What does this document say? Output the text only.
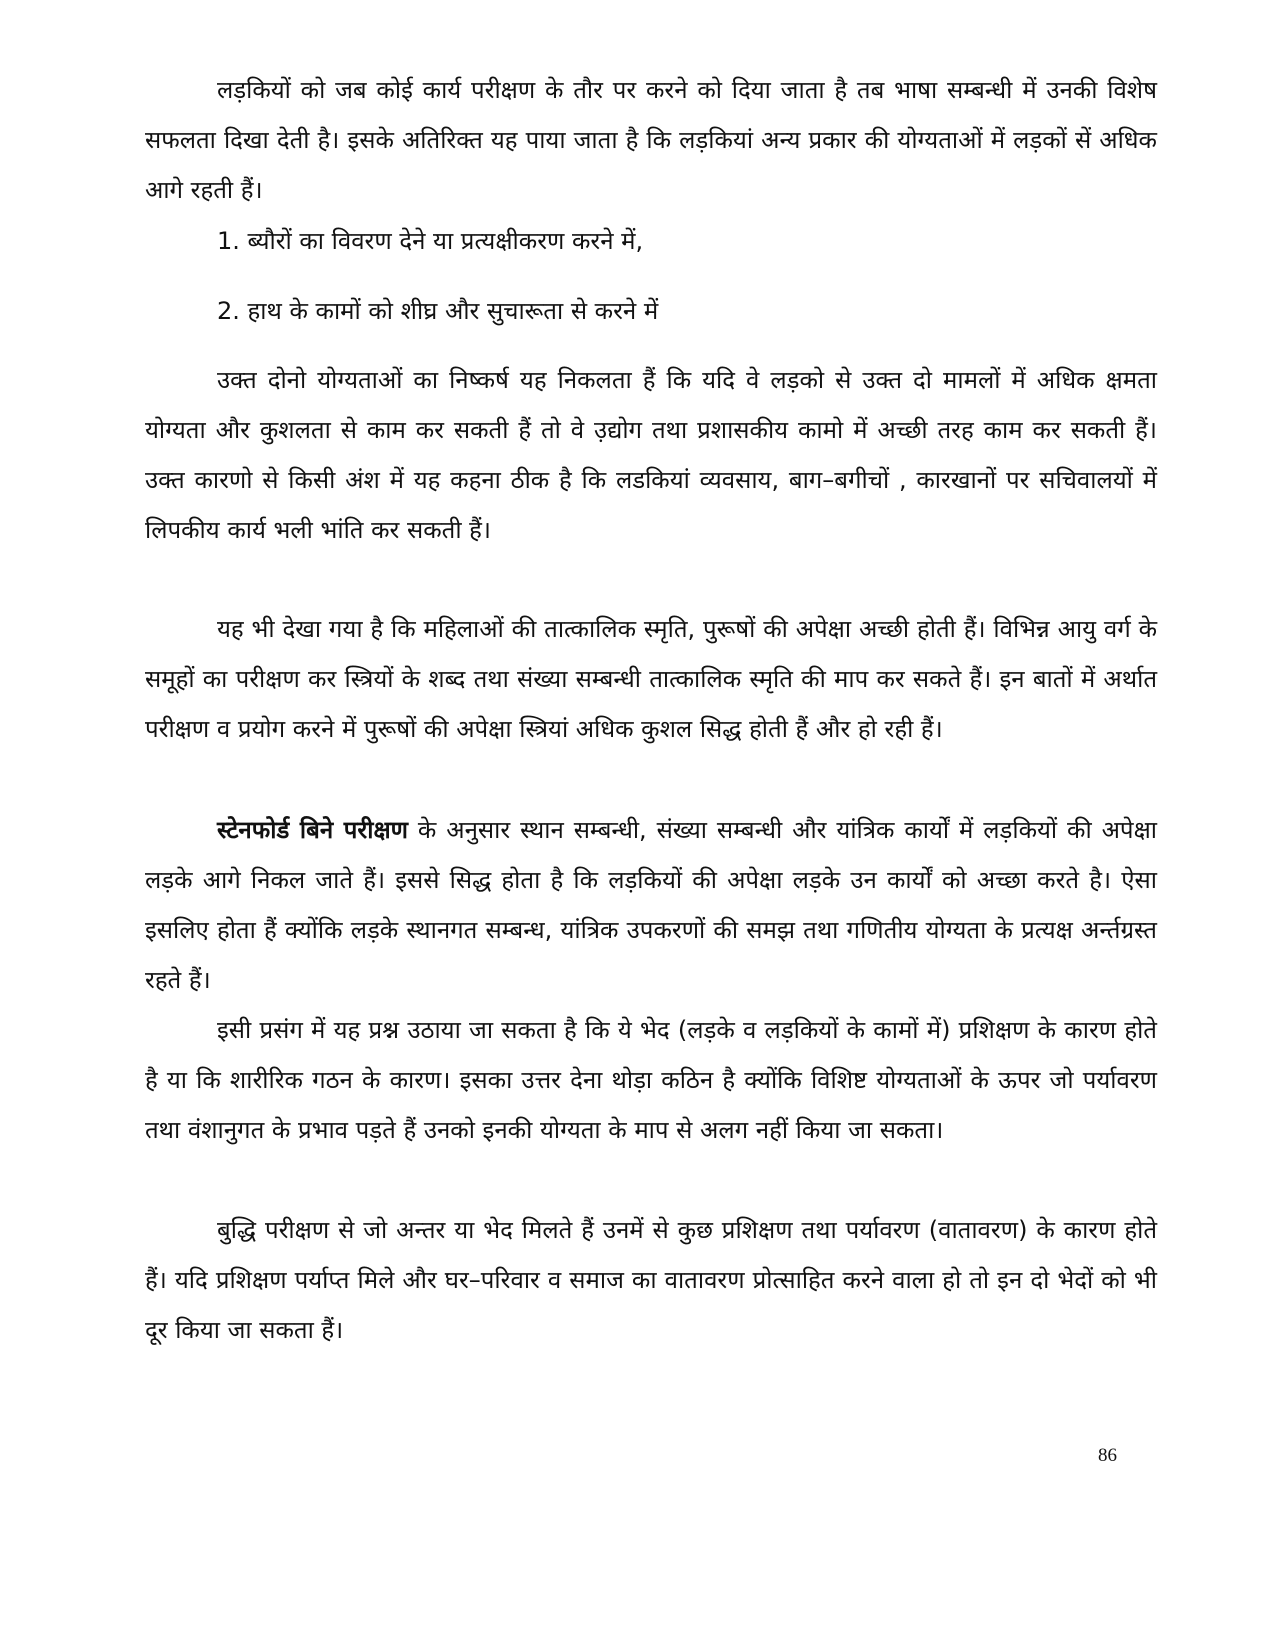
लड़कियों को जब कोई कार्य परीक्षण के तौर पर करने को दिया जाता है तब भाषा सम्बन्धी में उनकी विशेष सफलता दिखा देती है। इसके अतिरिक्त यह पाया जाता है कि लड़कियां अन्य प्रकार की योग्यताओं में लड़कों सें अधिक आगे रहती हैं।

1. ब्यौरों का विवरण देने या प्रत्यक्षीकरण करने में,
2. हाथ के कामों को शीघ्र और सुचारूता से करने में

उक्त दोनो योग्यताओं का निष्कर्ष यह निकलता हैं कि यदि वे लड़को से उक्त दो मामलों में अधिक क्षमता योग्यता और कुशलता से काम कर सकती हैं तो वे उ़द्योग तथा प्रशासकीय कामो में अच्छी तरह काम कर सकती हैं। उक्त कारणो से किसी अंश में यह कहना ठीक है कि लडकियां व्यवसाय, बाग–बगीचों , कारखानों पर सचिवालयों में लिपकीय कार्य भली भांति कर सकती हैं।

यह भी देखा गया है कि महिलाओं की तात्कालिक स्मृति, पुरूषों की अपेक्षा अच्छी होती हैं। विभिन्न आयु वर्ग के समूहों का परीक्षण कर स्त्रियों के शब्द तथा संख्या सम्बन्धी तात्कालिक स्मृति की माप कर सकते हैं। इन बातों में अर्थात परीक्षण व प्रयोग करने में पुरूषों की अपेक्षा स्त्रियां अधिक कुशल सिद्ध होती हैं और हो रही हैं।

स्टेनफोर्ड बिने परीक्षण के अनुसार स्थान सम्बन्धी, संख्या सम्बन्धी और यांत्रिक कार्यों में लड़कियों की अपेक्षा लड़के आगे निकल जाते हैं। इससे सिद्ध होता है कि लड़कियों की अपेक्षा लड़के उन कार्यों को अच्छा करते है। ऐसा इसलिए होता हैं क्योंकि लड़के स्थानगत सम्बन्ध, यांत्रिक उपकरणों की समझ तथा गणितीय योग्यता के प्रत्यक्ष अर्न्तग्रस्त रहते हैं।

इसी प्रसंग में यह प्रश्न उठाया जा सकता है कि ये भेद (लड़के व लड़कियों के कामों में) प्रशिक्षण के कारण होते है या कि शारीरिक गठन के कारण। इसका उत्तर देना थोड़ा कठिन है क्योंकि विशिष्ट योग्यताओं के ऊपर जो पर्यावरण तथा वंशानुगत के प्रभाव पड़ते हैं उनको इनकी योग्यता के माप से अलग नहीं किया जा सकता।

बुद्धि परीक्षण से जो अन्तर या भेद मिलते हैं उनमें से कुछ प्रशिक्षण तथा पर्यावरण (वातावरण) के कारण होते हैं। यदि प्रशिक्षण पर्याप्त मिले और घर–परिवार व समाज का वातावरण प्रोत्साहित करने वाला हो तो इन दो भेदों को भी दूर किया जा सकता हैं।

86
